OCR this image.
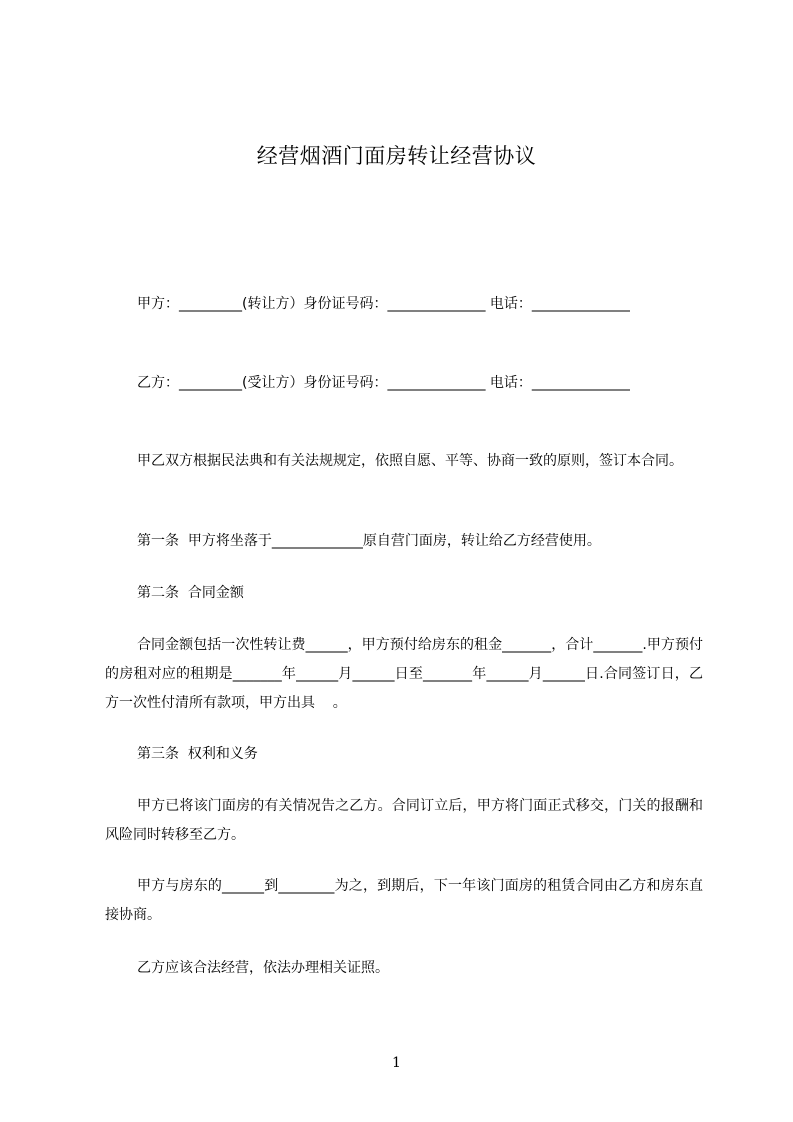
经营烟酒门面房转让经营协议
甲方：_________(转让方）身份证号码：______________ 电话：______________
乙方：_________(受让方）身份证号码：______________ 电话：______________
甲乙双方根据民法典和有关法规规定，依照自愿、平等、协商一致的原则，签订本合同。
第一条  甲方将坐落于_____________原自营门面房，转让给乙方经营使用。
第二条  合同金额
合同金额包括一次性转让费______，甲方预付给房东的租金_______，合计_______.甲方预付的房租对应的租期是_______年______月______日至_______年______月______日.合同签订日，乙方一次性付清所有款项，甲方出具    。
第三条  权利和义务
甲方已将该门面房的有关情况告之乙方。合同订立后，甲方将门面正式移交，门关的报酬和风险同时转移至乙方。
甲方与房东的______到________为之，到期后，下一年该门面房的租赁合同由乙方和房东直接协商。
乙方应该合法经营，依法办理相关证照。
1
